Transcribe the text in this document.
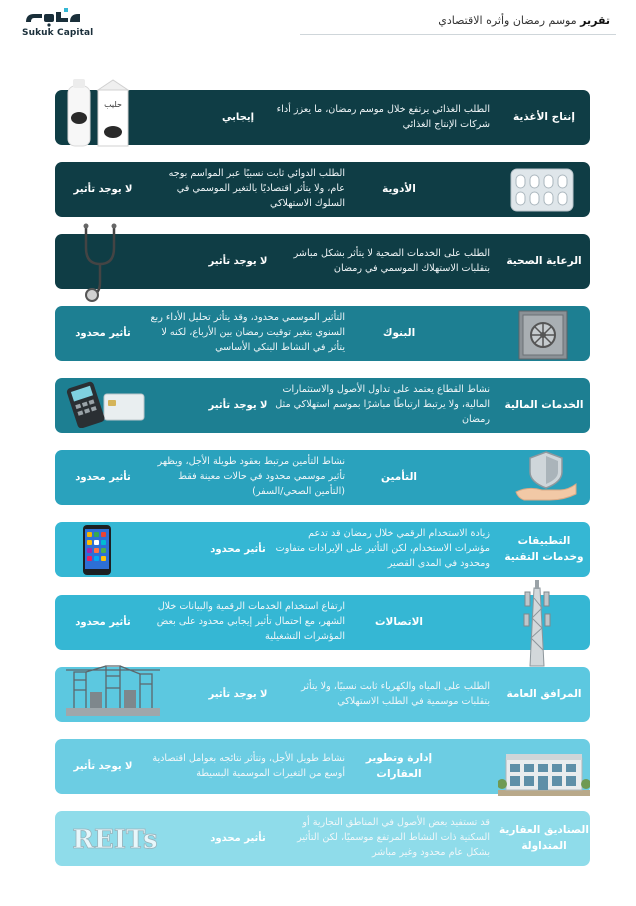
Sukuk Capital
تقرير موسم رمضان وأثره الاقتصادي
إنتاج الأغذية
الطلب الغذائي يرتفع خلال موسم رمضان، ما يعزز أداء شركات الإنتاج الغذائي
إيجابي
حليب
الأدوية
الطلب الدوائي ثابت نسبيًا عبر المواسم بوجه عام، ولا يتأثر اقتصاديًا بالتغير الموسمي في السلوك الاستهلاكي
لا يوجد تأثير
الرعاية الصحية
الطلب على الخدمات الصحية لا يتأثر بشكل مباشر بتقلبات الاستهلاك الموسمي في رمضان
لا يوجد تأثير
البنوك
التأثير الموسمي محدود، وقد يتأثر تحليل الأداء ربع السنوي بتغير توقيت رمضان بين الأرباع، لكنه لا يتأثر في النشاط البنكي الأساسي
تأثير محدود
الخدمات المالية
نشاط القطاع يعتمد على تداول الأصول والاستثمارات المالية، ولا يرتبط ارتباطًا مباشرًا بموسم استهلاكي مثل رمضان
لا يوجد تأثير
التأمين
نشاط التأمين مرتبط بعقود طويلة الأجل، ويظهر تأثير موسمي محدود في حالات معينة فقط (التأمين الصحي/السفر)
تأثير محدود
التطبيقات وخدمات التقنية
زيادة الاستخدام الرقمي خلال رمضان قد تدعم مؤشرات الاستخدام، لكن التأثير على الإيرادات متفاوت ومحدود في المدى القصير
تأثير محدود
الاتصالات
ارتفاع استخدام الخدمات الرقمية والبيانات خلال الشهر، مع احتمال تأثير إيجابي محدود على بعض المؤشرات التشغيلية
تأثير محدود
المرافق العامة
الطلب على المياه والكهرباء ثابت نسبيًا، ولا يتأثر بتقلبات موسمية في الطلب الاستهلاكي
لا يوجد تأثير
إدارة وتطوير العقارات
نشاط طويل الأجل، وتتأثر نتائجه بعوامل اقتصادية أوسع من التغيرات الموسمية البسيطة
لا يوجد تأثير
الصناديق العقارية المتداولة
قد تستفيد بعض الأصول في المناطق التجارية أو السكنية ذات النشاط المرتفع موسميًا، لكن التأثير بشكل عام محدود وغير مباشر
تأثير محدود
REITs
